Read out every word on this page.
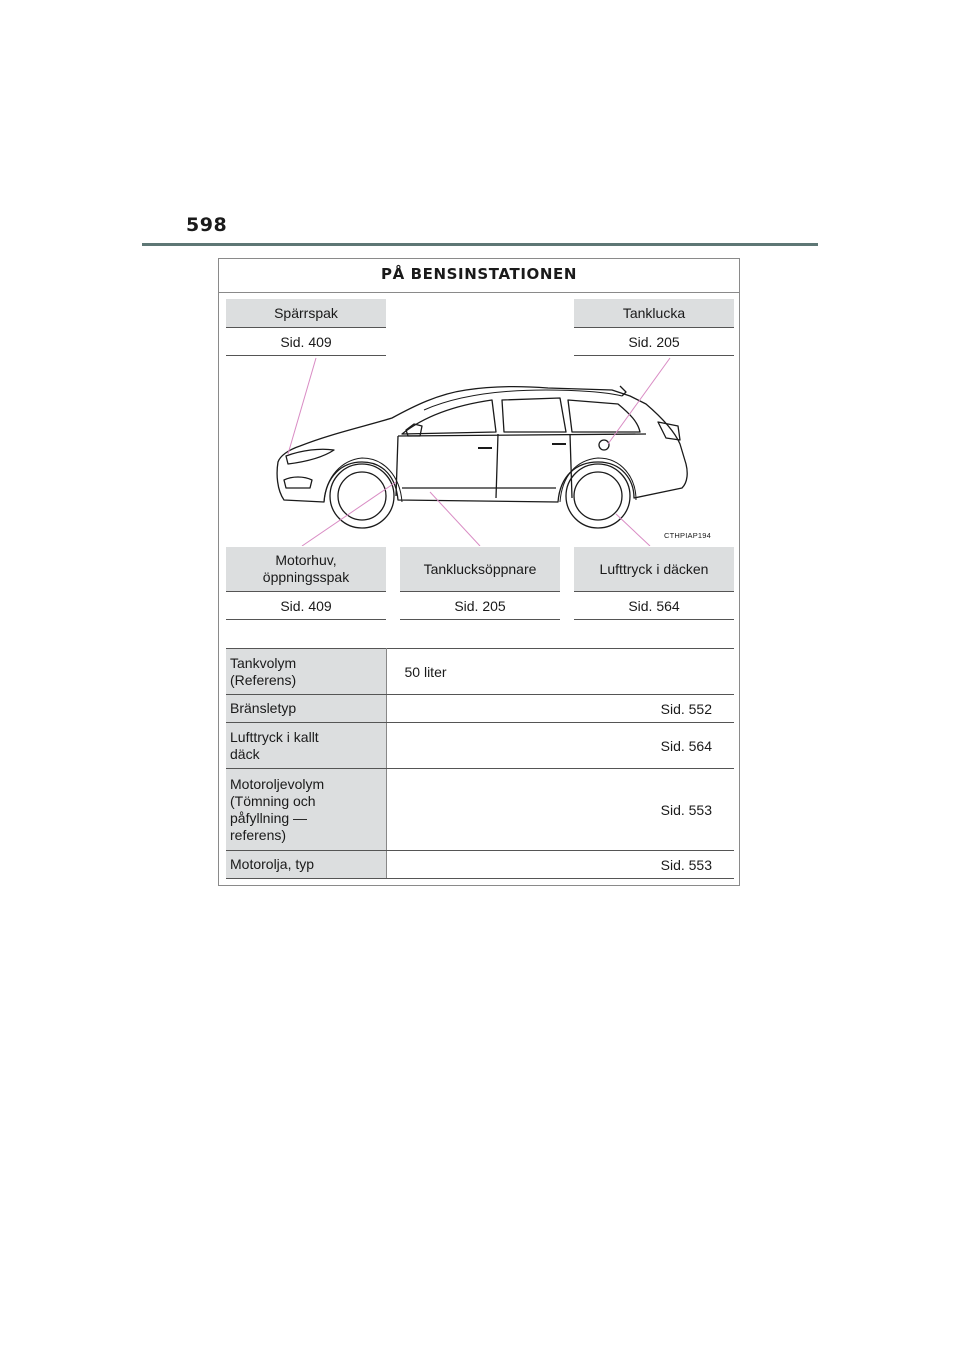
598
PÅ BENSINSTATIONEN
Spärrspak
Sid. 409
Tanklucka
Sid. 205
CTHPIAP194
Motorhuv,
öppningsspak
Sid. 409
Tanklucksöppnare
Sid. 205
Lufttryck i däcken
Sid. 564
Tankvolym
(Referens)	50 liter
Bränsletyp	Sid. 552
Lufttryck i kallt
däck	Sid. 564
Motoroljevolym
(Tömning och
påfyllning —
referens)	Sid. 553
Motorolja, typ	Sid. 553
